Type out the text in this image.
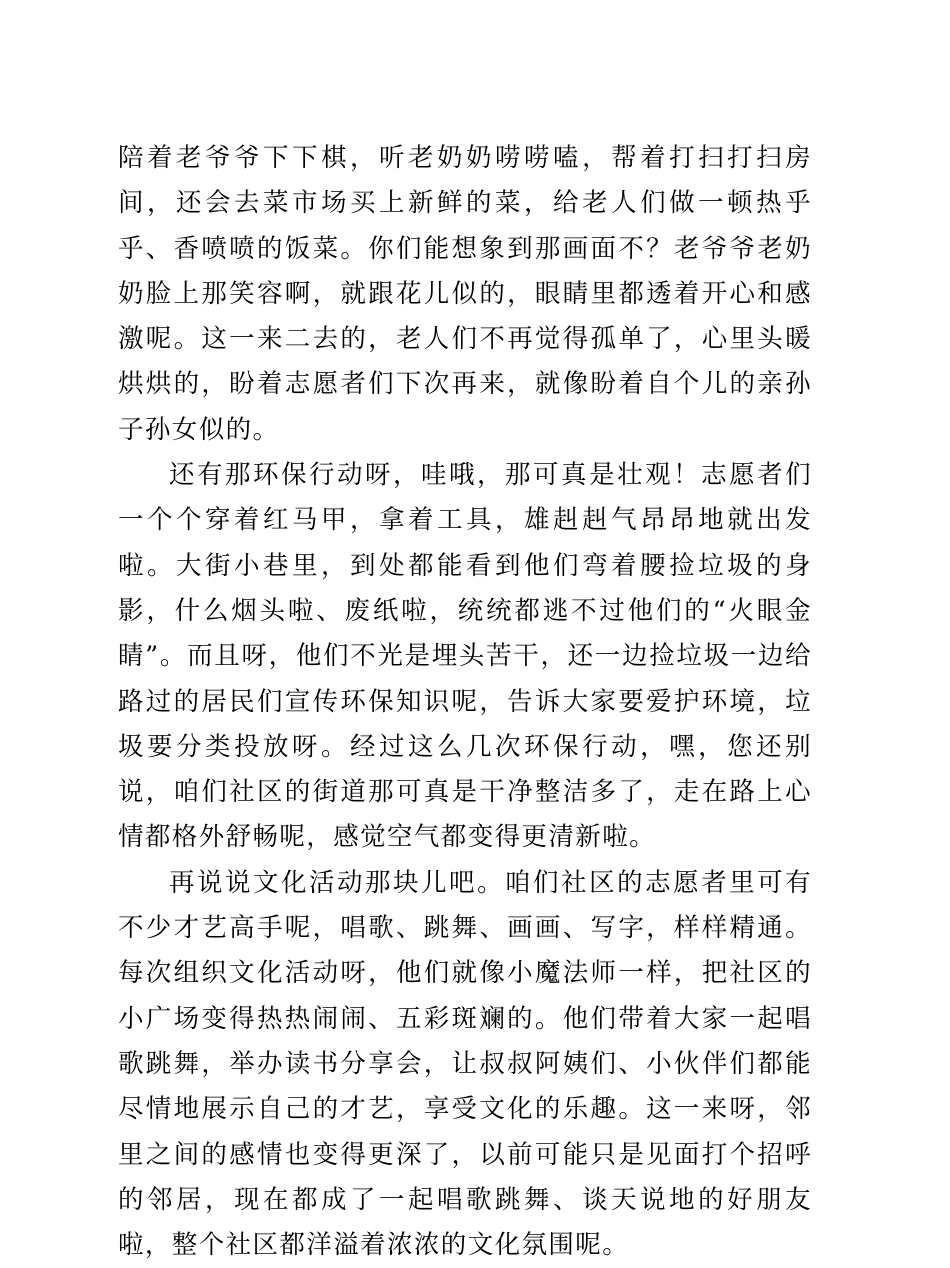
陪着老爷爷下下棋，听老奶奶唠唠嗑，帮着打扫打扫房间，还会去菜市场买上新鲜的菜，给老人们做一顿热乎乎、香喷喷的饭菜。你们能想象到那画面不？老爷爷老奶奶脸上那笑容啊，就跟花儿似的，眼睛里都透着开心和感激呢。这一来二去的，老人们不再觉得孤单了，心里头暖烘烘的，盼着志愿者们下次再来，就像盼着自个儿的亲孙子孙女似的。

还有那环保行动呀，哇哦，那可真是壮观！志愿者们一个个穿着红马甲，拿着工具，雄赳赳气昂昂地就出发啦。大街小巷里，到处都能看到他们弯着腰捡垃圾的身影，什么烟头啦、废纸啦，统统都逃不过他们的“火眼金睛”。而且呀，他们不光是埋头苦干，还一边捡垃圾一边给路过的居民们宣传环保知识呢，告诉大家要爱护环境，垃圾要分类投放呀。经过这么几次环保行动，嘿，您还别说，咱们社区的街道那可真是干净整洁多了，走在路上心情都格外舒畅呢，感觉空气都变得更清新啦。

再说说文化活动那块儿吧。咱们社区的志愿者里可有不少才艺高手呢，唱歌、跳舞、画画、写字，样样精通。每次组织文化活动呀，他们就像小魔法师一样，把社区的小广场变得热热闹闹、五彩斑斓的。他们带着大家一起唱歌跳舞，举办读书分享会，让叔叔阿姨们、小伙伴们都能尽情地展示自己的才艺，享受文化的乐趣。这一来呀，邻里之间的感情也变得更深了，以前可能只是见面打个招呼的邻居，现在都成了一起唱歌跳舞、谈天说地的好朋友啦，整个社区都洋溢着浓浓的文化氛围呢。
